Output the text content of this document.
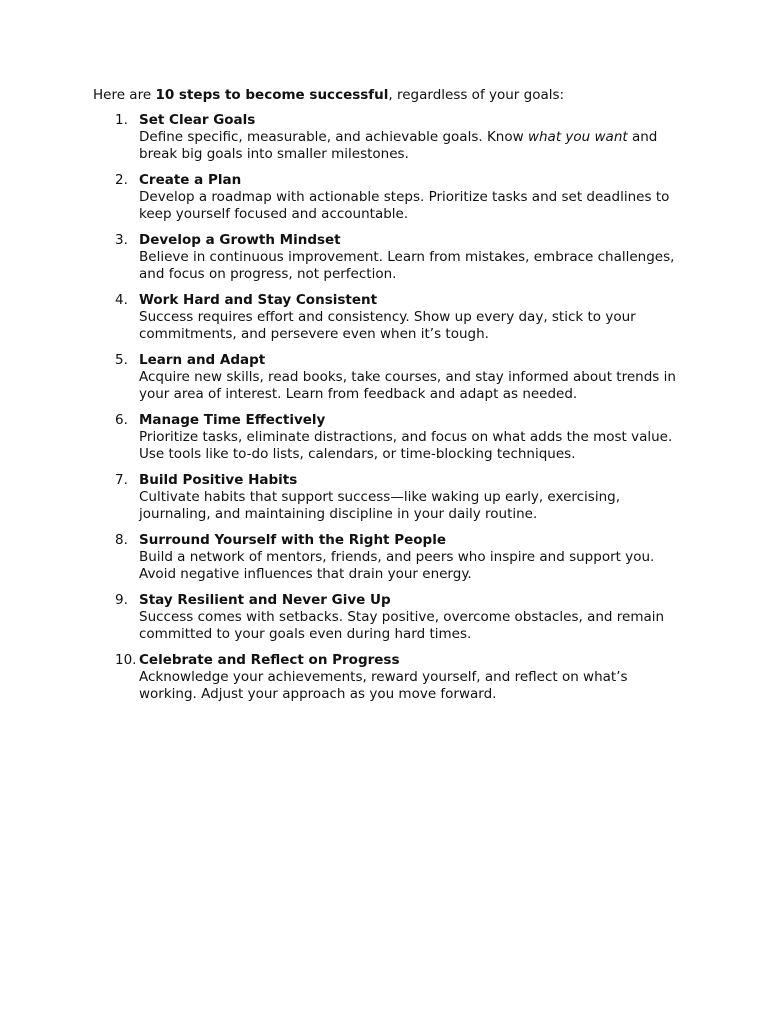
Here are 10 steps to become successful, regardless of your goals:

1. Set Clear Goals
Define specific, measurable, and achievable goals. Know what you want and break big goals into smaller milestones.
2. Create a Plan
Develop a roadmap with actionable steps. Prioritize tasks and set deadlines to keep yourself focused and accountable.
3. Develop a Growth Mindset
Believe in continuous improvement. Learn from mistakes, embrace challenges, and focus on progress, not perfection.
4. Work Hard and Stay Consistent
Success requires effort and consistency. Show up every day, stick to your commitments, and persevere even when it’s tough.
5. Learn and Adapt
Acquire new skills, read books, take courses, and stay informed about trends in your area of interest. Learn from feedback and adapt as needed.
6. Manage Time Effectively
Prioritize tasks, eliminate distractions, and focus on what adds the most value. Use tools like to-do lists, calendars, or time-blocking techniques.
7. Build Positive Habits
Cultivate habits that support success—like waking up early, exercising, journaling, and maintaining discipline in your daily routine.
8. Surround Yourself with the Right People
Build a network of mentors, friends, and peers who inspire and support you. Avoid negative influences that drain your energy.
9. Stay Resilient and Never Give Up
Success comes with setbacks. Stay positive, overcome obstacles, and remain committed to your goals even during hard times.
10. Celebrate and Reflect on Progress
Acknowledge your achievements, reward yourself, and reflect on what’s working. Adjust your approach as you move forward.
